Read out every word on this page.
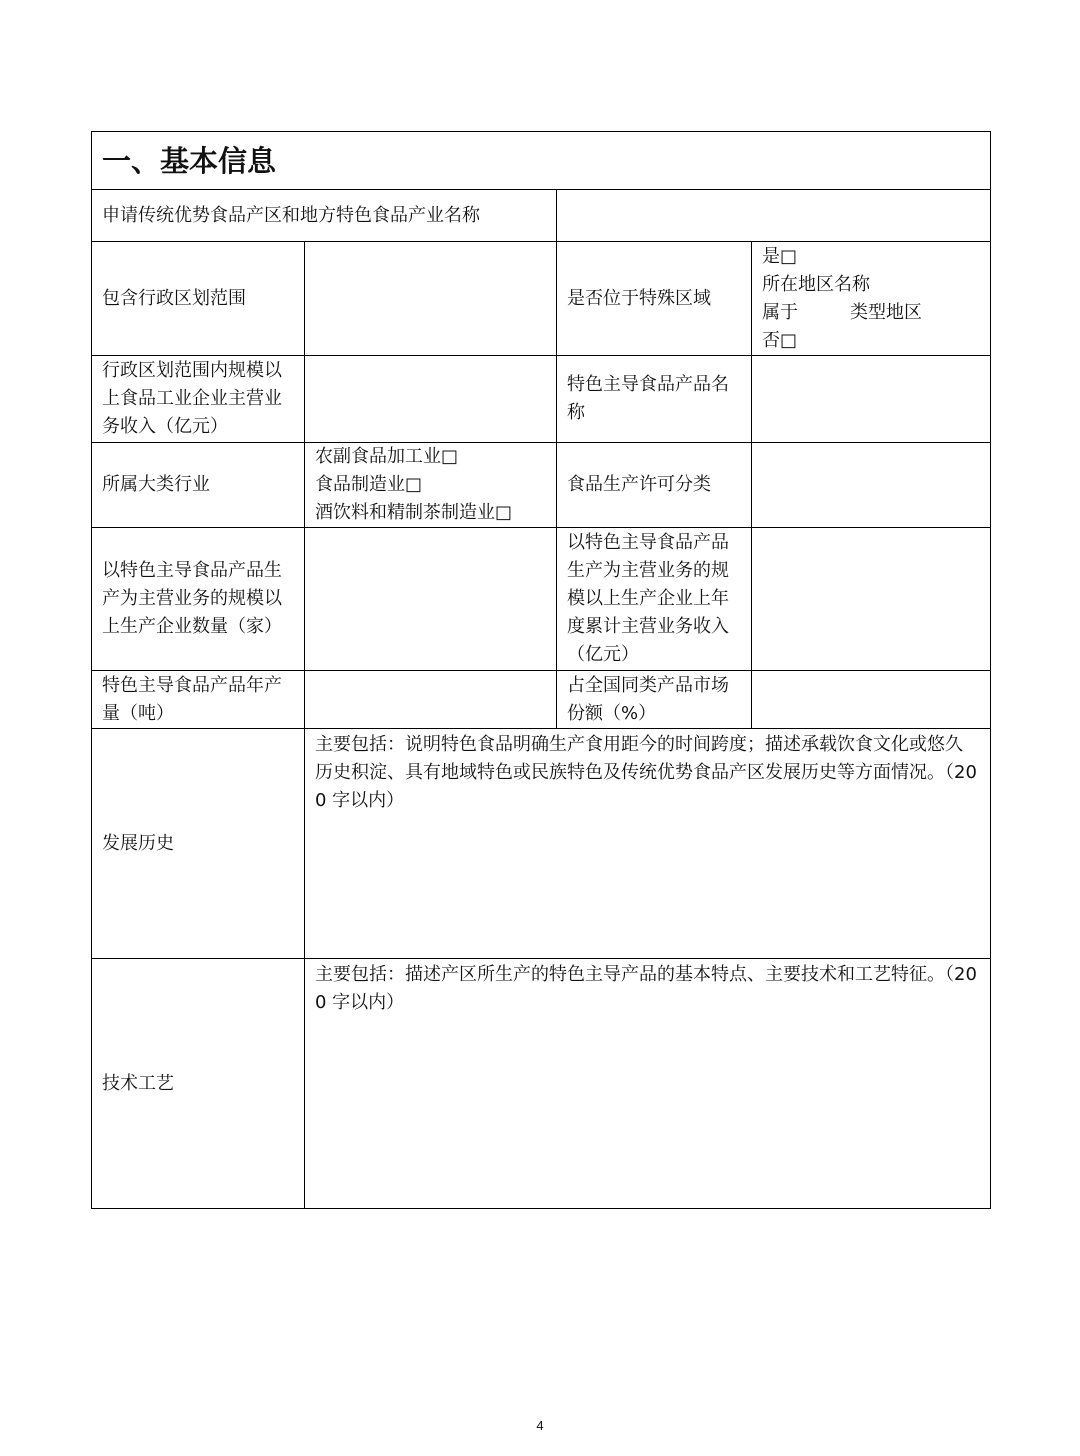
一、基本信息			
申请传统优势食品产区和地方特色食品产业名称			
包含行政区划范围		是否位于特殊区域	是□
所在地区名称
属于 类型地区
否□

行政区划范围内规模以上食品工业企业主营业务收入（亿元）		特色主导食品产品名称	
所属大类行业	农副食品加工业□
食品制造业□
酒饮料和精制茶制造业□	食品生产许可分类	
以特色主导食品产品生产为主营业务的规模以上生产企业数量（家）		以特色主导食品产品生产为主营业务的规模以上生产企业上年度累计主营业务收入（亿元）	
特色主导食品产品年产量（吨）		占全国同类产品市场份额（%）	
发展历史	主要包括：说明特色食品明确生产食用距今的时间跨度；描述承载饮食文化或悠久历史积淀、具有地域特色或民族特色及传统优势食品产区发展历史等方面情况。（200 字以内）		
技术工艺	主要包括：描述产区所生产的特色主导产品的基本特点、主要技术和工艺特征。（200 字以内）		
4
